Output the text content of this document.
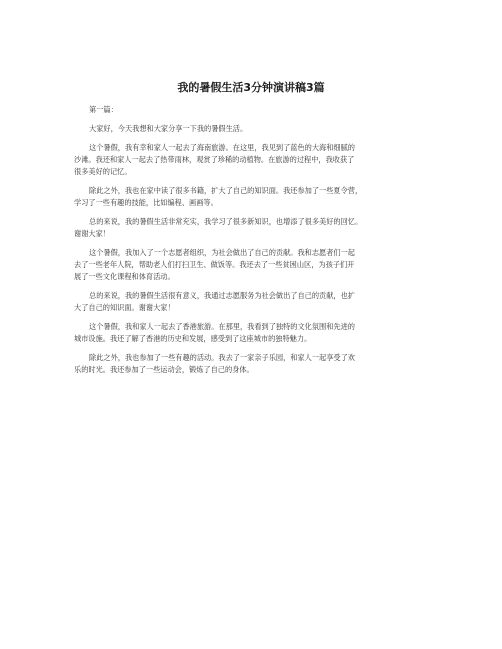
我的暑假生活3分钟演讲稿3篇
第一篇：
大家好，今天我想和大家分享一下我的暑假生活。
这个暑假，我有幸和家人一起去了海南旅游。在这里，我见到了蓝色的大海和细腻的
沙滩。我还和家人一起去了热带雨林，观赏了珍稀的动植物。在旅游的过程中，我收获了
很多美好的记忆。
除此之外，我也在家中读了很多书籍，扩大了自己的知识面。我还参加了一些夏令营，
学习了一些有趣的技能，比如编程、画画等。
总的来说，我的暑假生活非常充实，我学习了很多新知识，也增添了很多美好的回忆。
谢谢大家！
这个暑假，我加入了一个志愿者组织，为社会做出了自己的贡献。我和志愿者们一起
去了一些老年人院，帮助老人们打扫卫生、做饭等。我还去了一些贫困山区，为孩子们开
展了一些文化课程和体育活动。
总的来说，我的暑假生活很有意义，我通过志愿服务为社会做出了自己的贡献，也扩
大了自己的知识面。谢谢大家！
这个暑假，我和家人一起去了香港旅游。在那里，我看到了独特的文化氛围和先进的
城市设施。我还了解了香港的历史和发展，感受到了这座城市的独特魅力。
除此之外，我也参加了一些有趣的活动。我去了一家亲子乐园，和家人一起享受了欢
乐的时光。我还参加了一些运动会，锻炼了自己的身体。
